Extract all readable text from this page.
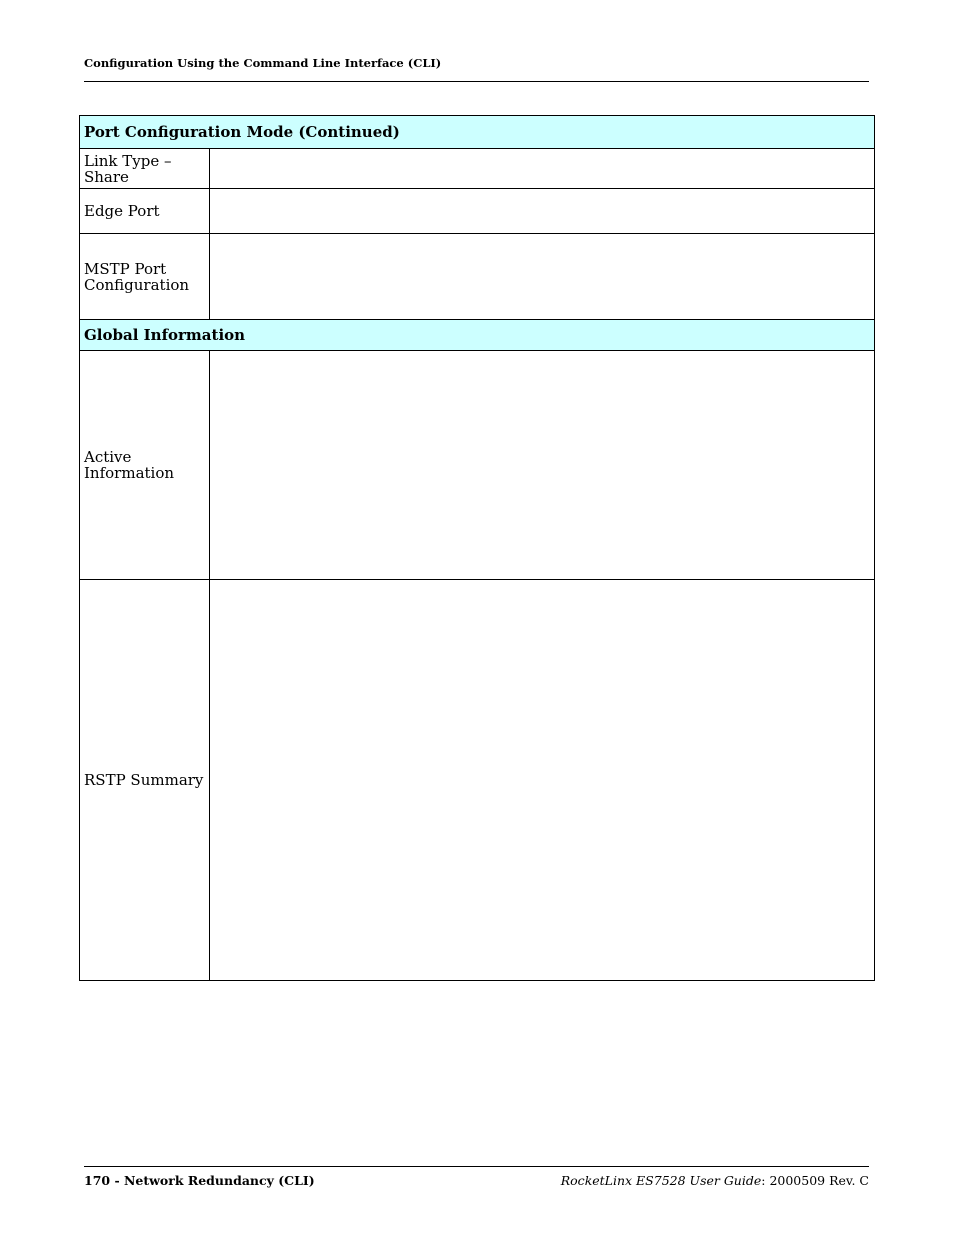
Configuration Using the Command Line Interface (CLI)
Port Configuration Mode (Continued)	

Link Type –
Share	

Edge Port	

MSTP Port
Configuration	

Global Information	

Active
Information	

RSTP Summary	

170 - Network Redundancy (CLI)	RocketLinx ES7528 User Guide: 2000509 Rev. C
